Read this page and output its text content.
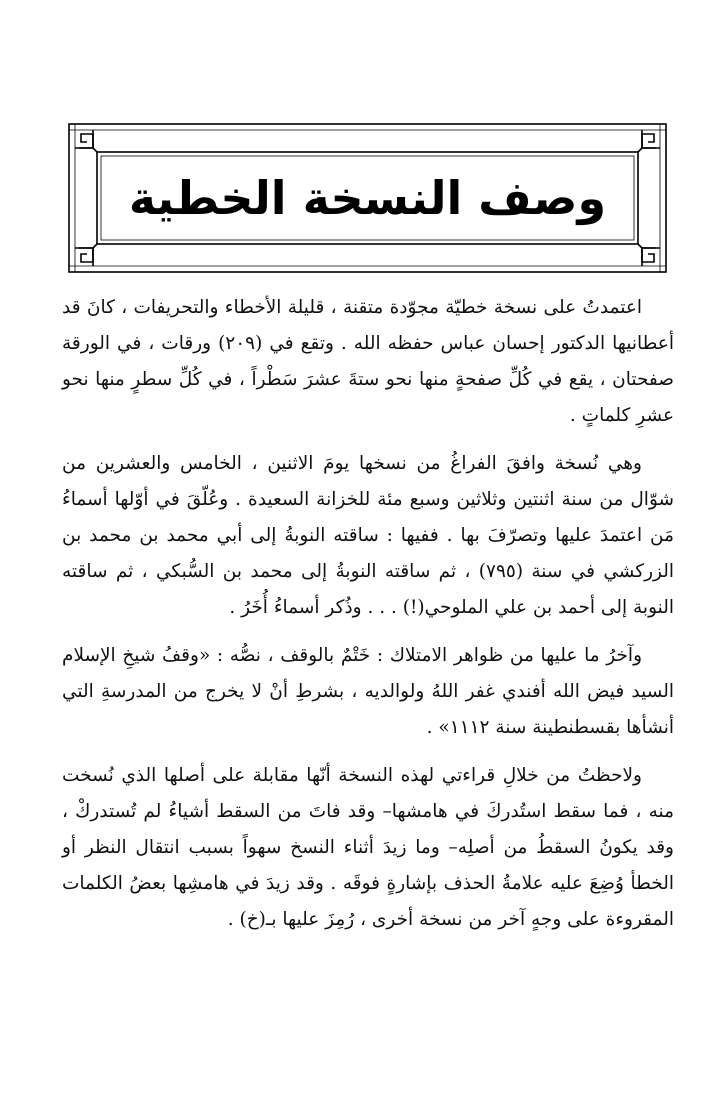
وصف النسخة الخطية

اعتمدتُ على نسخة خطيّة مجوّدة متقنة ، قليلة الأخطاء والتحريفات ، كانَ قد أعطانيها الدكتور إحسان عباس حفظه الله . وتقع في (٢٠٩) ورقات ، في الورقة صفحتان ، يقع في كُلِّ صفحةٍ منها نحو ستةَ عشرَ سَطْراً ، في كُلِّ سطرٍ منها نحو عشرِ كلماتٍ .

وهي نُسخة وافقَ الفراغُ من نسخها يومَ الاثنين ، الخامس والعشرين من شوّال من سنة اثنتين وثلاثين وسبع مئة للخزانة السعيدة . وعُلّقَ في أوّلها أسماءُ مَن اعتمدَ عليها وتصرّفَ بها . ففيها : ساقته النوبةُ إلى أبي محمد بن محمد بن الزركشي في سنة (٧٩٥) ، ثم ساقته النوبةُ إلى محمد بن السُّبكي ، ثم ساقته النوبة إلى أحمد بن علي الملوحي(!) . . . وذُكر أسماءُ أُخَرُ .

وآخرُ ما عليها من ظواهر الامتلاك : خَتْمٌ بالوقف ، نصُّه : «وقفُ شيخِ الإسلام السيد فيض الله أفندي غفر اللهُ ولوالديه ، بشرطِ أنْ لا يخرج من المدرسةِ التي أنشأها بقسطنطينة سنة ١١١٢» .

ولاحظتُ من خلالِ قراءتي لهذه النسخة أنّها مقابلة على أصلها الذي نُسخت منه ، فما سقط استُدركَ في هامشها– وقد فاتَ من السقط أشياءُ لم تُستدركْ ، وقد يكونُ السقطُ من أصلِه– وما زيدَ أثناء النسخ سهواً بسبب انتقال النظر أو الخطأ وُضِعَ عليه علامةُ الحذف بإشارةٍ فوقَه . وقد زيدَ في هامشِها بعضُ الكلمات المقروءة على وجهٍ آخر من نسخة أخرى ، رُمِزَ عليها بـ(خ) .
